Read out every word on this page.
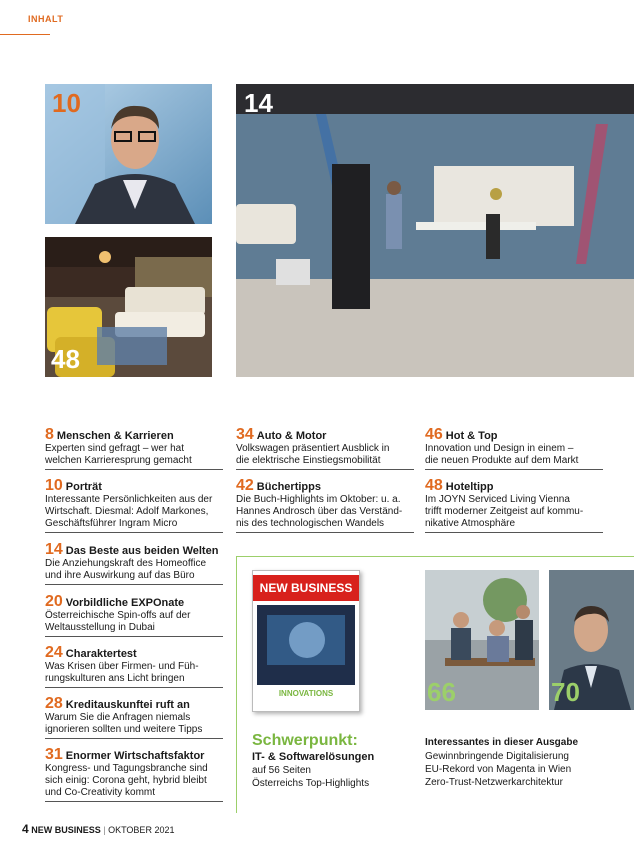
INHALT
10
48
14
8 Menschen & Karrieren
Experten sind gefragt – wer hat
welchen Karrieresprung gemacht
10 Porträt
Interessante Persönlichkeiten aus der
Wirtschaft. Diesmal: Adolf Markones,
Geschäftsführer Ingram Micro
14 Das Beste aus beiden Welten
Die Anziehungskraft des Homeoffice
und ihre Auswirkung auf das Büro
20 Vorbildliche EXPOnate
Österreichische Spin-offs auf der
Weltausstellung in Dubai
24 Charaktertest
Was Krisen über Firmen- und Füh-
rungskulturen ans Licht bringen
28 Kreditauskunftei ruft an
Warum Sie die Anfragen niemals
ignorieren sollten und weitere Tipps
31 Enormer Wirtschaftsfaktor
Kongress- und Tagungsbranche sind
sich einig: Corona geht, hybrid bleibt
und Co-Creativity kommt
34 Auto & Motor
Volkswagen präsentiert Ausblick in
die elektrische Einstiegsmobilität
42 Büchertipps
Die Buch-Highlights im Oktober: u. a.
Hannes Androsch über das Verständ-
nis des technologischen Wandels
46 Hot & Top
Innovation und Design in einem –
die neuen Produkte auf dem Markt
48 Hoteltipp
Im JOYN Serviced Living Vienna
trifft moderner Zeitgeist auf kommu-
nikative Atmosphäre
NEW BUSINESS
INNOVATIONS	66	70
Schwerpunkt:
IT- & Softwarelösungen
auf 56 Seiten
Österreichs Top-Highlights
Interessantes in dieser Ausgabe
Gewinnbringende Digitalisierung
EU-Rekord von Magenta in Wien
Zero-Trust-Netzwerkarchitektur
4 NEW BUSINESS | OKTOBER 2021
